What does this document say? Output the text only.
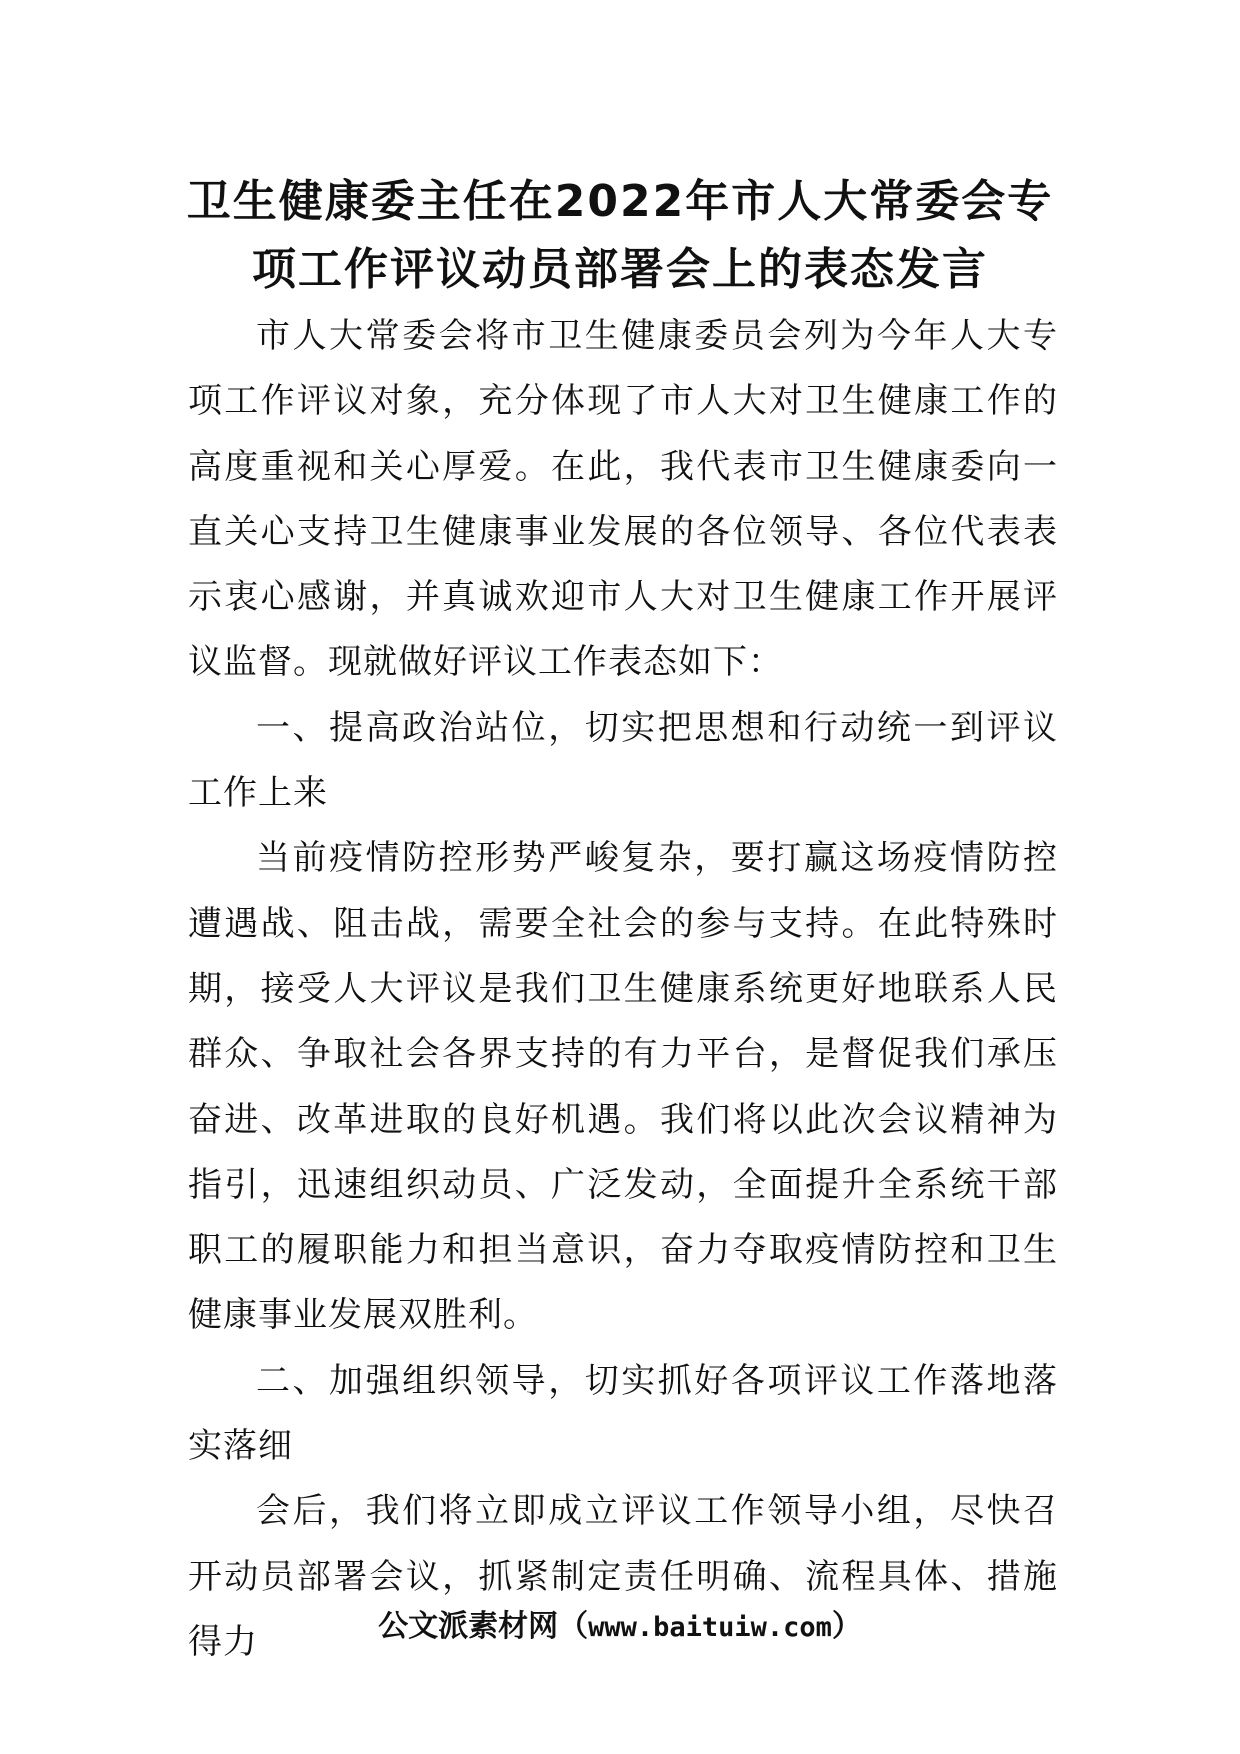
卫生健康委主任在2022年市人大常委会专
项工作评议动员部署会上的表态发言

市人大常委会将市卫生健康委员会列为今年人大专项工作评议对象，充分体现了市人大对卫生健康工作的高度重视和关心厚爱。在此，我代表市卫生健康委向一直关心支持卫生健康事业发展的各位领导、各位代表表示衷心感谢，并真诚欢迎市人大对卫生健康工作开展评议监督。现就做好评议工作表态如下：

一、提高政治站位，切实把思想和行动统一到评议工作上来

当前疫情防控形势严峻复杂，要打赢这场疫情防控遭遇战、阻击战，需要全社会的参与支持。在此特殊时期，接受人大评议是我们卫生健康系统更好地联系人民群众、争取社会各界支持的有力平台，是督促我们承压奋进、改革进取的良好机遇。我们将以此次会议精神为指引，迅速组织动员、广泛发动，全面提升全系统干部职工的履职能力和担当意识，奋力夺取疫情防控和卫生健康事业发展双胜利。

二、加强组织领导，切实抓好各项评议工作落地落实落细

会后，我们将立即成立评议工作领导小组，尽快召开动员部署会议，抓紧制定责任明确、流程具体、措施得力	公文派素材网（www.baituiw.com）
